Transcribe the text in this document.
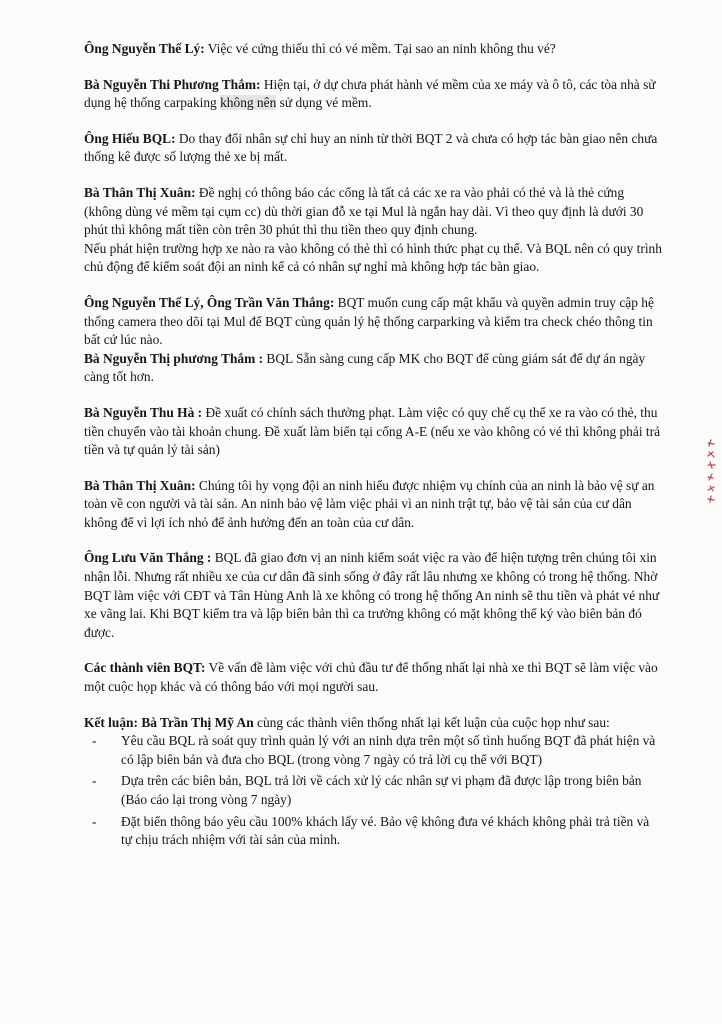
Ông Nguyễn Thế Lý: Việc vé cứng thiếu thì có vé mềm. Tại sao an ninh không thu vé?

Bà Nguyễn Thi Phương Thắm: Hiện tại, ở dự chưa phát hành vé mềm của xe máy và ô tô, các tòa nhà sử dụng hệ thống carpaking không nên sử dụng vé mềm.

Ông Hiếu BQL: Do thay đổi nhân sự chỉ huy an ninh từ thời BQT 2 và chưa có hợp tác bàn giao nên chưa thống kê được số lượng thẻ xe bị mất.

Bà Thân Thị Xuân: Đề nghị có thông báo các cổng là tất cả các xe ra vào phải có thẻ và là thẻ cứng (không dùng vé mềm tại cụm cc) dù thời gian đỗ xe tại Mul là ngắn hay dài. Vì theo quy định là dưới 30 phút thì không mất tiền còn trên 30 phút thì thu tiền theo quy định chung.
Nếu phát hiện trường hợp xe nào ra vào không có thẻ thì có hình thức phạt cụ thể. Và BQL nên có quy trình chủ động để kiểm soát đội an ninh kể cả có nhân sự nghỉ mà không hợp tác bàn giao.

Ông Nguyễn Thế Lý, Ông Trần Văn Thắng: BQT muốn cung cấp mật khẩu và quyền admin truy cập hệ thống camera theo dõi tại Mul để BQT cùng quản lý hệ thống carparking và kiểm tra check chéo thông tin bất cứ lúc nào.

Bà Nguyễn Thị phương Thắm : BQL Sẵn sàng cung cấp MK cho BQT để cùng giám sát để dự án ngày càng tốt hơn.

Bà Nguyễn Thu Hà : Đề xuất có chính sách thưởng phạt. Làm việc có quy chế cụ thể xe ra vào có thẻ, thu tiền chuyển vào tài khoản chung. Đề xuất làm biển tại cổng A-E (nếu xe vào không có vé thì không phải trả tiền và tự quản lý tài sản)

Bà Thân Thị Xuân: Chúng tôi hy vọng đội an ninh hiểu được nhiệm vụ chính của an ninh là bảo vệ sự an toàn về con người và tài sản. An ninh bảo vệ làm việc phải vì an ninh trật tự, bảo vệ tài sản của cư dân không để vì lợi ích nhỏ để ảnh hưởng đến an toàn của cư dân.

Ông Lưu Văn Thắng : BQL đã giao đơn vị an ninh kiểm soát việc ra vào để hiện tượng trên chúng tôi xin nhận lỗi. Nhưng rất nhiều xe của cư dân đã sinh sống ở đây rất lâu nhưng xe không có trong hệ thống. Nhờ BQT làm việc với CĐT và Tân Hùng Anh là xe không có trong hệ thống An ninh sẽ thu tiền và phát vé như xe vãng lai. Khi BQT kiểm tra và lập biên bản thì ca trưởng không có mặt không thể ký vào biên bản đó được.

Các thành viên BQT: Về vấn đề làm việc với chủ đầu tư để thống nhất lại nhà xe thì BQT sẽ làm việc vào một cuộc họp khác và có thông báo với mọi người sau.

Kết luận: Bà Trần Thị Mỹ An cùng các thành viên thống nhất lại kết luận của cuộc họp như sau:

- Yêu cầu BQL rà soát quy trình quản lý với an ninh dựa trên một số tình huống BQT đã phát hiện và có lập biên bản và đưa cho BQL (trong vòng 7 ngày có trả lời cụ thể với BQT)
- Dựa trên các biên bản, BQL trả lời về cách xử lý các nhân sự vi phạm đã được lập trong biên bản (Báo cáo lại trong vòng 7 ngày)
- Đặt biển thông báo yêu cầu 100% khách lấy vé. Bảo vệ không đưa vé khách không phải trả tiền và tự chịu trách nhiệm với tài sản của mình.
